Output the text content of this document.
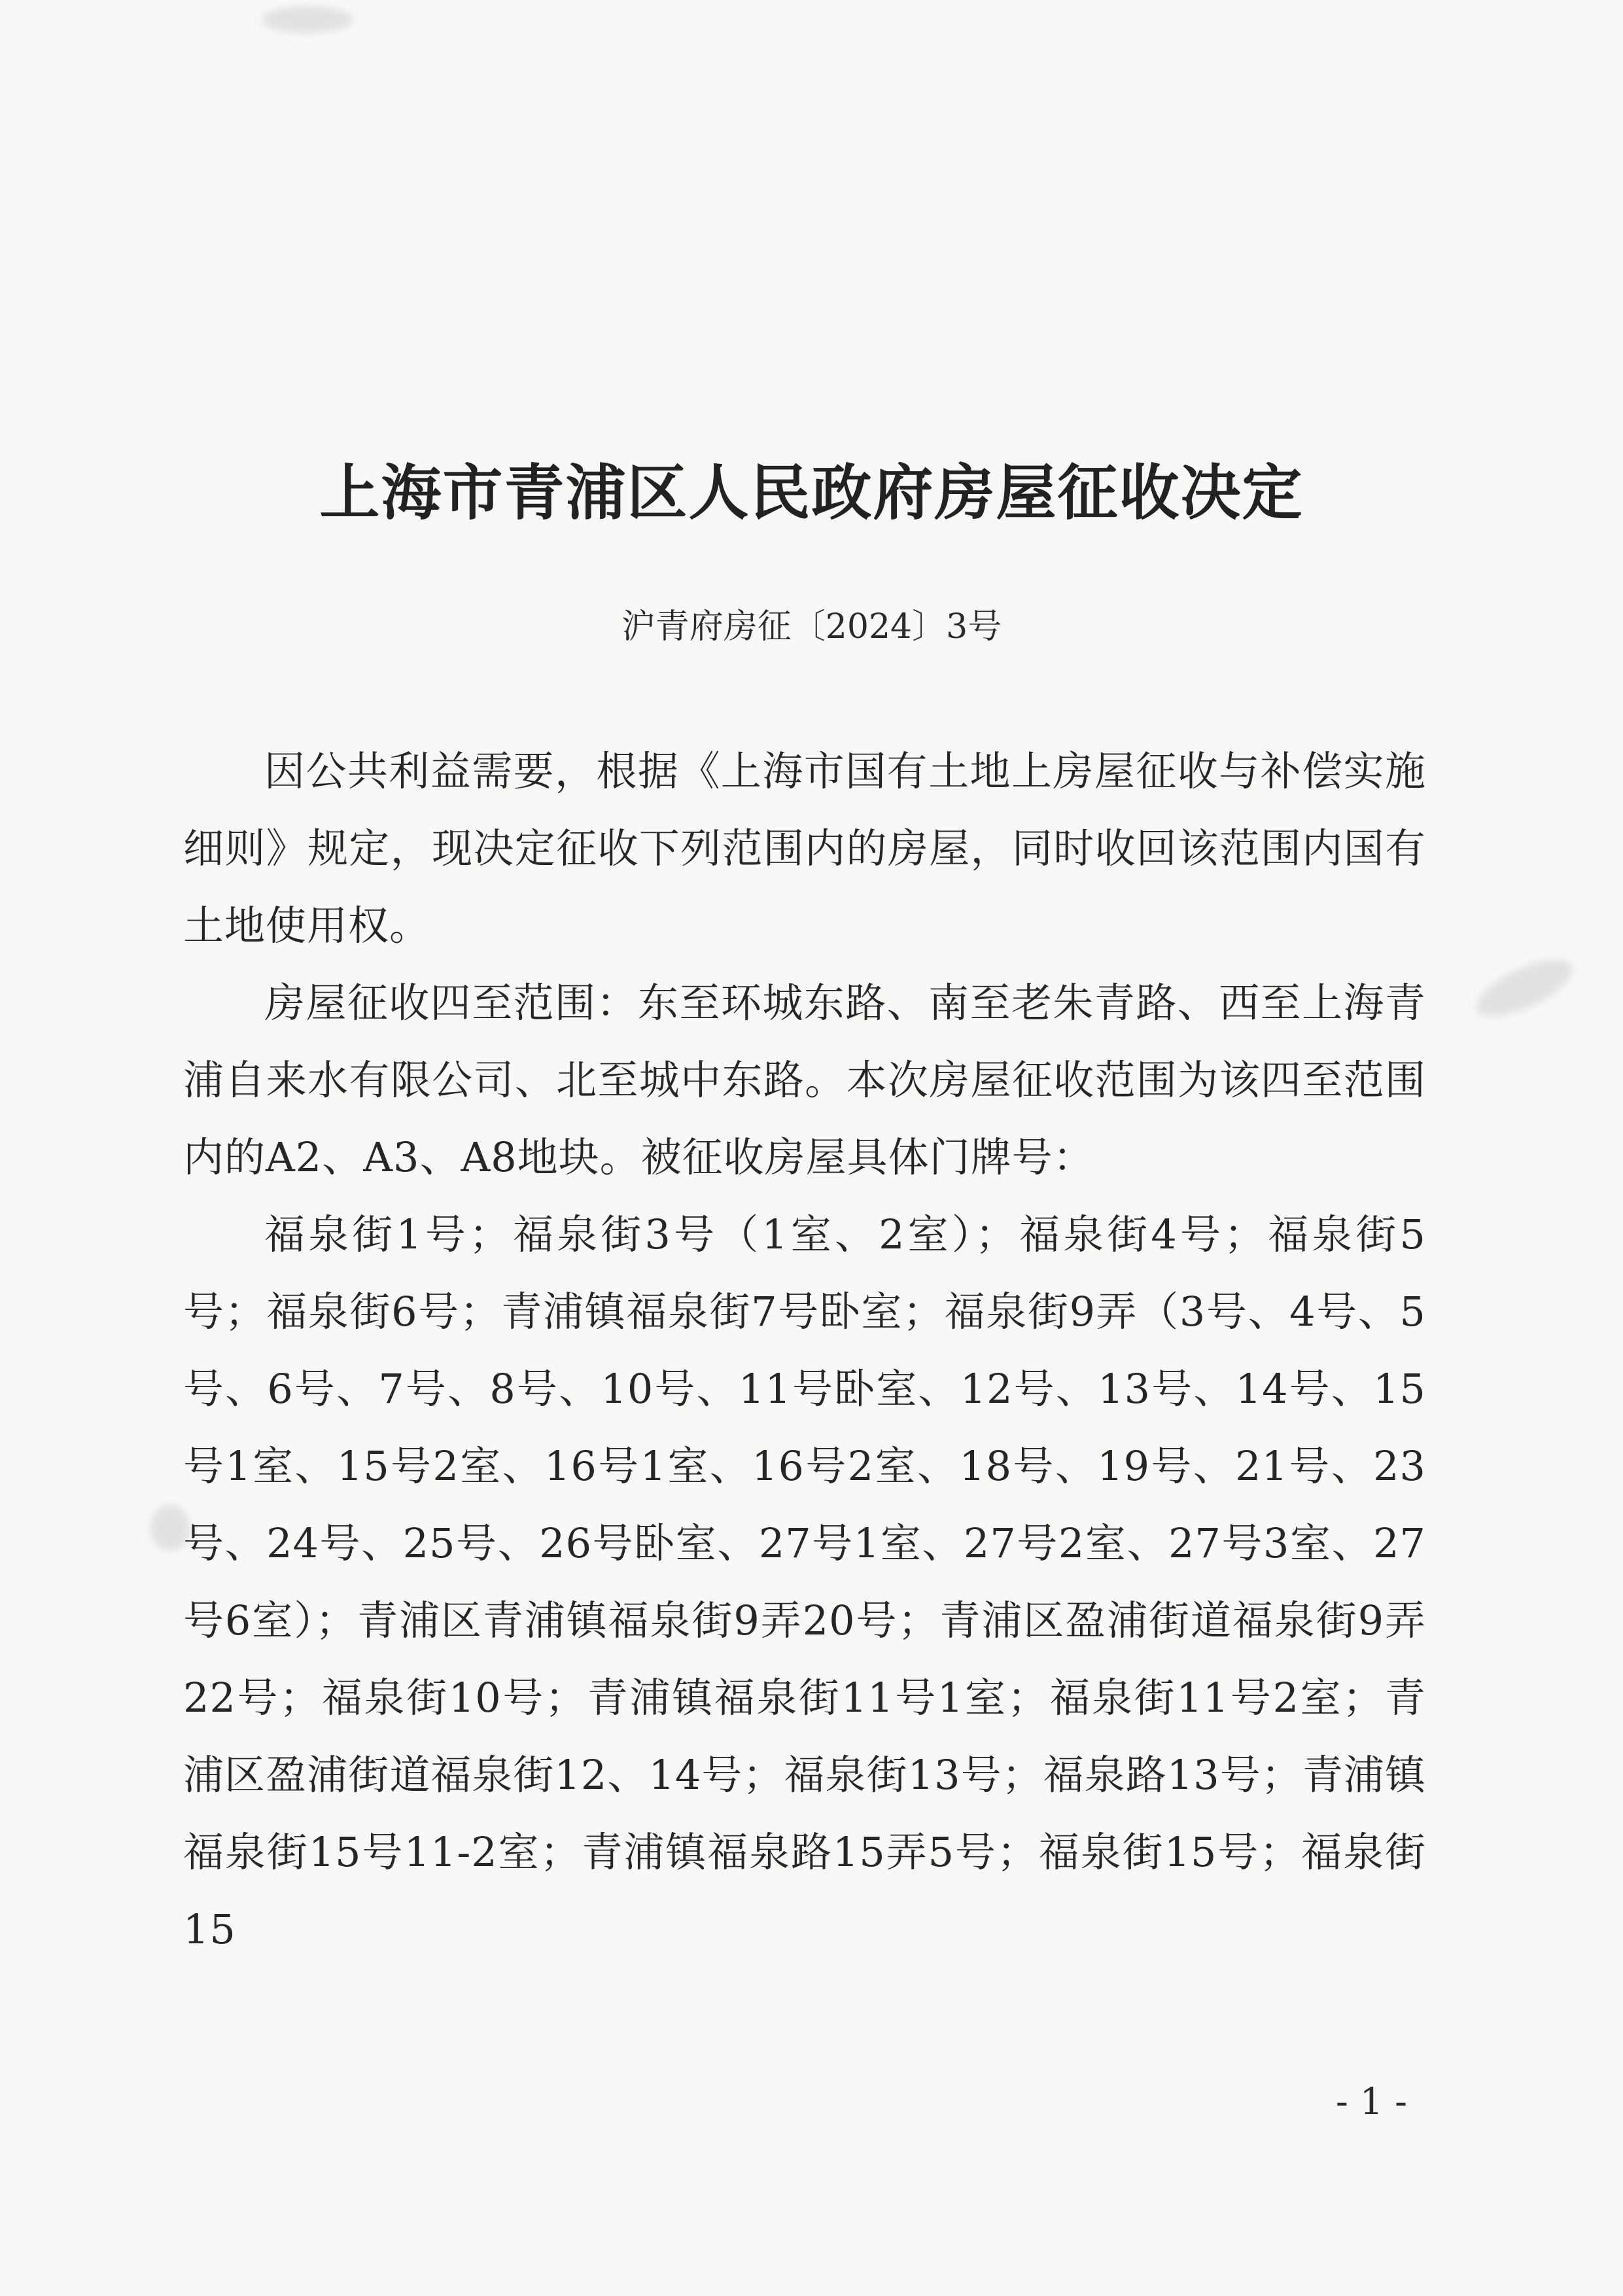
上海市青浦区人民政府房屋征收决定
沪青府房征〔2024〕3号

因公共利益需要，根据《上海市国有土地上房屋征收与补偿实施细则》规定，现决定征收下列范围内的房屋，同时收回该范围内国有土地使用权。

房屋征收四至范围：东至环城东路、南至老朱青路、西至上海青浦自来水有限公司、北至城中东路。本次房屋征收范围为该四至范围内的A2、A3、A8地块。被征收房屋具体门牌号：

福泉街1号；福泉街3号（1室、2室）；福泉街4号；福泉街5号；福泉街6号；青浦镇福泉街7号卧室；福泉街9弄（3号、4号、5号、6号、7号、8号、10号、11号卧室、12号、13号、14号、15号1室、15号2室、16号1室、16号2室、18号、19号、21号、23号、24号、25号、26号卧室、27号1室、27号2室、27号3室、27号6室）；青浦区青浦镇福泉街9弄20号；青浦区盈浦街道福泉街9弄22号；福泉街10号；青浦镇福泉街11号1室；福泉街11号2室；青浦区盈浦街道福泉街12、14号；福泉街13号；福泉路13号；青浦镇福泉街15号11-2室；青浦镇福泉路15弄5号；福泉街15号；福泉街15

- 1 -
